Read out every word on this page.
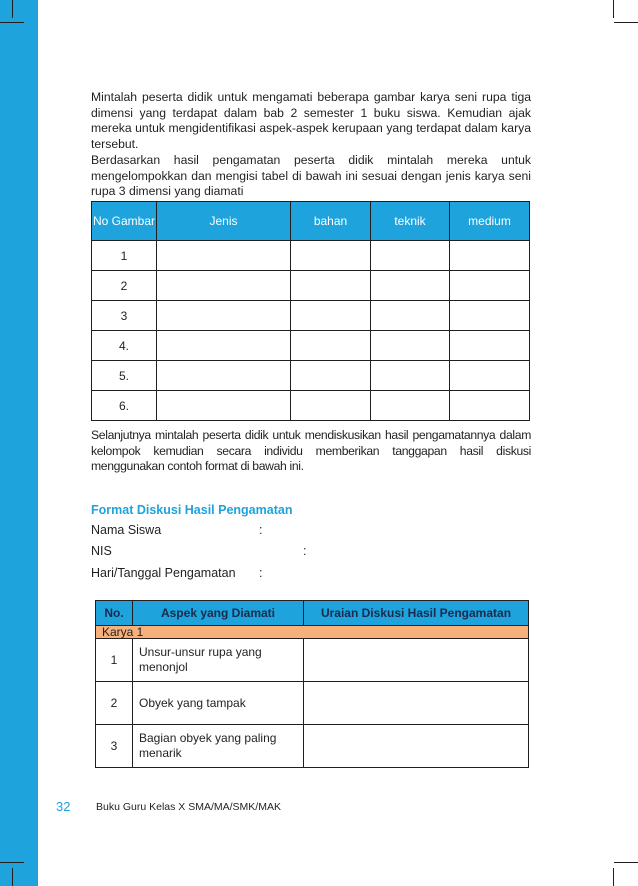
Mintalah peserta didik untuk mengamati beberapa gambar karya seni rupa tiga dimensi yang terdapat dalam bab 2 semester 1 buku siswa. Kemudian ajak mereka untuk mengidentifikasi aspek-aspek kerupaan yang terdapat dalam karya tersebut.

Berdasarkan hasil pengamatan peserta didik mintalah mereka untuk mengelompokkan dan mengisi tabel di bawah ini sesuai dengan jenis karya seni rupa 3 dimensi yang diamati

No Gambar	Jenis	bahan	teknik	medium
1				
2				
3				
4.				
5.				
6.				

Selanjutnya mintalah peserta didik untuk mendiskusikan hasil pengamatannya dalam kelompok kemudian secara individu memberikan tanggapan hasil diskusi menggunakan contoh format di bawah ini.

Format Diskusi Hasil Pengamatan

Nama Siswa	:

NIS	:

Hari/Tanggal Pengamatan :
No.	Aspek yang Diamati	Uraian Diskusi Hasil Pengamatan
Karya 1		
1	Unsur-unsur rupa yang menonjol	
2	Obyek yang tampak	
3	Bagian obyek yang paling menarik	
32 Buku Guru Kelas X SMA/MA/SMK/MAK
